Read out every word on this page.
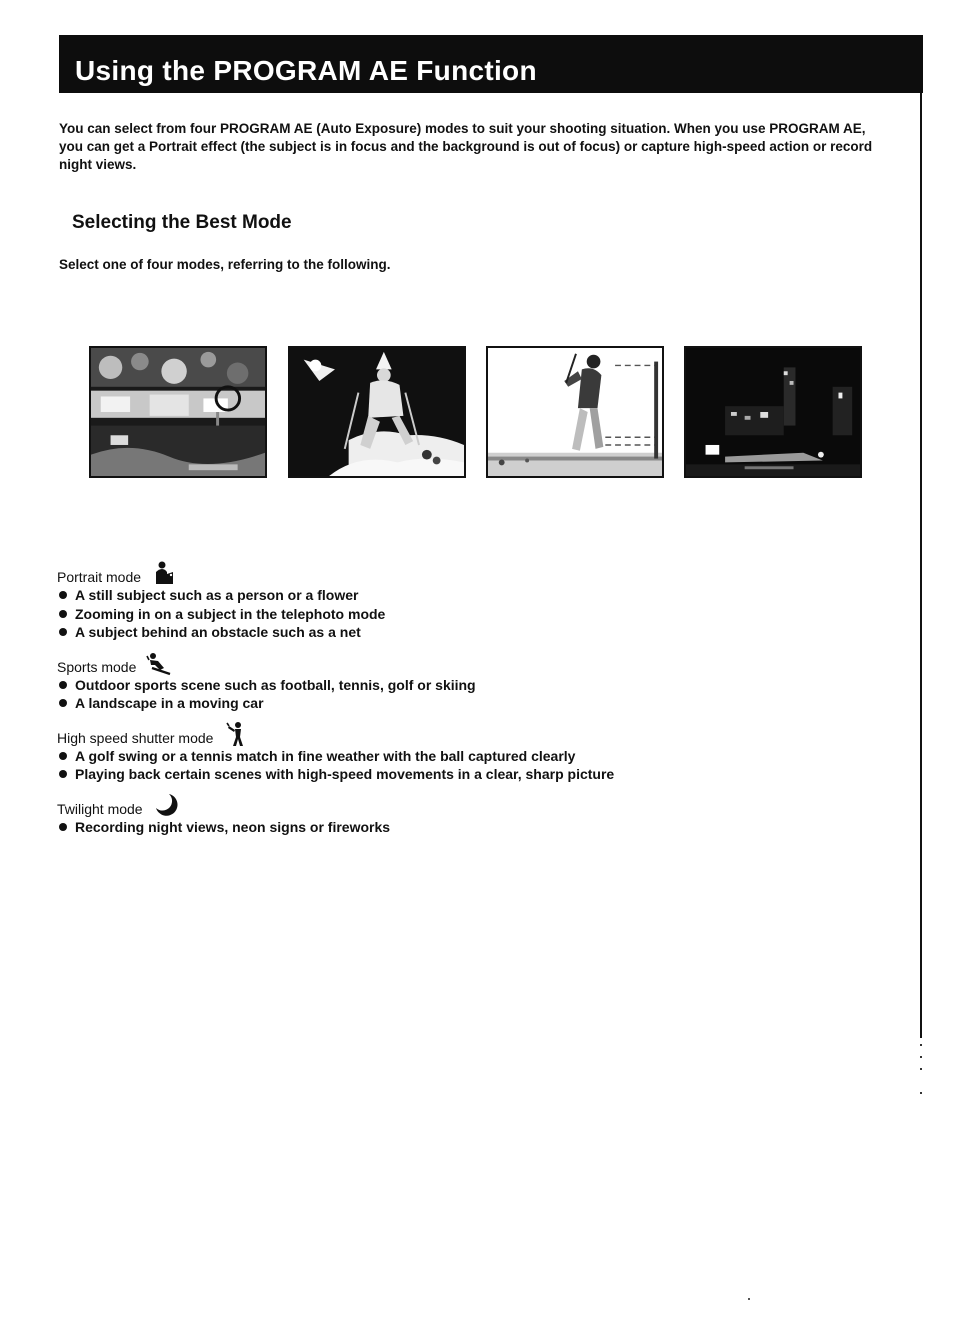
Using the PROGRAM AE Function
You can select from four PROGRAM AE (Auto Exposure) modes to suit your shooting situation. When you use PROGRAM AE, you can get a Portrait effect (the subject is in focus and the background is out of focus) or capture high-speed action or record night views.
Selecting the Best Mode
Select one of four modes, referring to the following.
Portrait mode
A still subject such as a person or a flower
Zooming in on a subject in the telephoto mode
A subject behind an obstacle such as a net
Sports mode
Outdoor sports scene such as football, tennis, golf or skiing
A landscape in a moving car
High speed shutter mode
A golf swing or a tennis match in fine weather with the ball captured clearly
Playing back certain scenes with high-speed movements in a clear, sharp picture
Twilight mode
Recording night views, neon signs or fireworks
